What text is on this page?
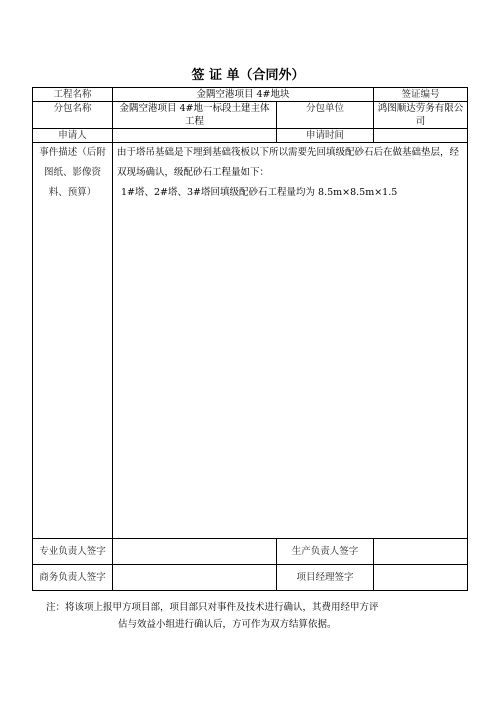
签 证 单（合同外）
工程名称	金隅空港项目 4#地块		签证编号
分包名称	金隅空港项目 4#地一标段土建主体工程	分包单位	鸿图顺达劳务有限公司
申请人		申请时间	
事件描述（后附图纸、影像资料、预算）	由于塔吊基础是下埋到基础筏板以下所以需要先回填级配砂石后在做基础垫层，经双现场确认，级配砂石工程量如下：
1#塔、2#塔、3#塔回填级配砂石工程量均为 8.5m×8.5m×1.5		

专业负责人签字		生产负责人签字	
商务负责人签字		项目经理签字	
注：将该项上报甲方项目部，项目部只对事件及技术进行确认，其费用经甲方评
估与效益小组进行确认后，方可作为双方结算依据。
